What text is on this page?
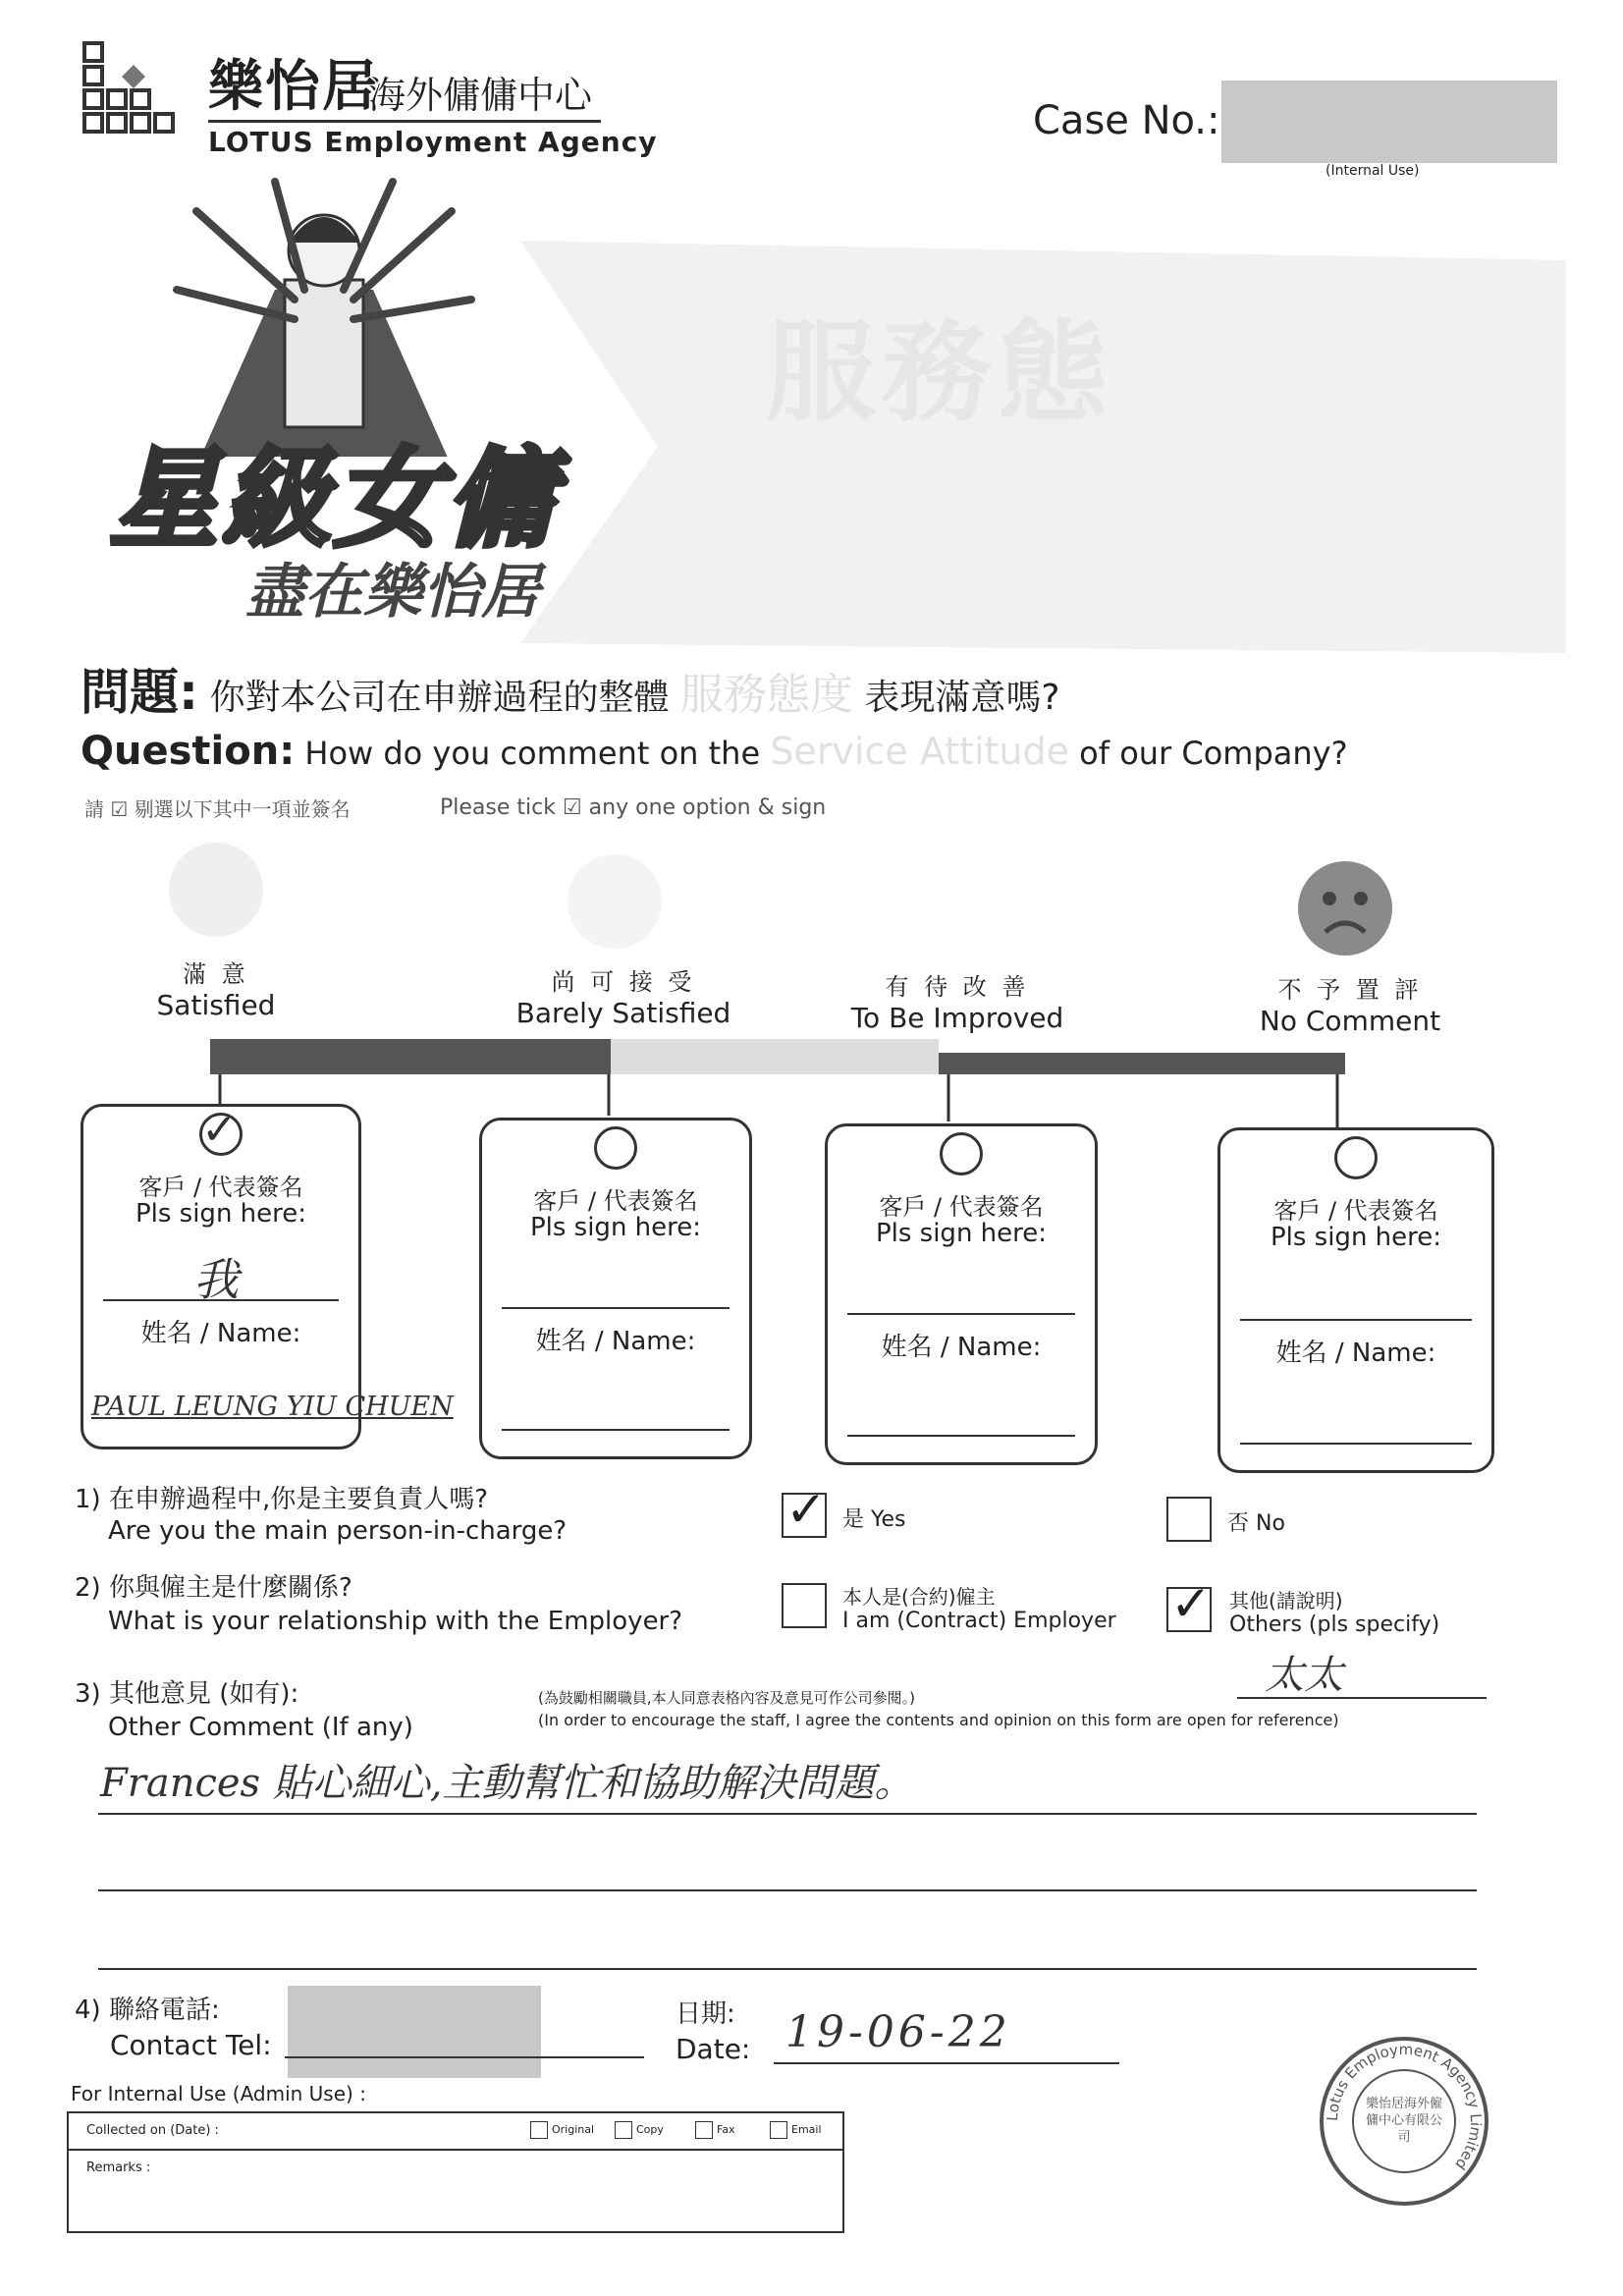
樂怡居
海外傭傭中心
LOTUS Employment Agency	Case No.:
(Internal Use)
服務態
星級女傭
盡在樂怡居
問題: 你對本公司在申辦過程的整體 服務態度 表現滿意嗎?
Question: How do you comment on the Service Attitude of our Company?
請 ☑ 剔選以下其中一項並簽名	Please tick ☑ any one option & sign
滿 意
Satisfied
尚 可 接 受
Barely Satisfied
有 待 改 善
To Be Improved
不 予 置 評
No Comment
✓
客戶 / 代表簽名
Pls sign here:
我
姓名 / Name:
PAUL LEUNG YIU CHUEN
客戶 / 代表簽名
Pls sign here:
姓名 / Name:
客戶 / 代表簽名
Pls sign here:
姓名 / Name:
客戶 / 代表簽名
Pls sign here:
姓名 / Name:
1) 在申辦過程中,你是主要負責人嗎?
Are you the main person-in-charge?	✓ 是 Yes	否 No
2) 你與僱主是什麼關係?
What is your relationship with the Employer?
本人是(合約)僱主
I am (Contract) Employer ✓ 其他(請說明)
Others (pls specify)
太太
3) 其他意見 (如有):
Other Comment (If any)
(為鼓勵相關職員,本人同意表格內容及意見可作公司參閱。)
(In order to encourage the staff, I agree the contents and opinion on this form are open for reference)
Frances 貼心細心,主動幫忙和協助解決問題。
4) 聯絡電話:
Contact Tel:
日期:
Date: 19-06-22
For Internal Use (Admin Use) :
Collected on (Date) :	Original	Copy	Fax	Email
Remarks :
Lotus Employment Agency Limited
樂怡居海外僱傭中心有限公司
